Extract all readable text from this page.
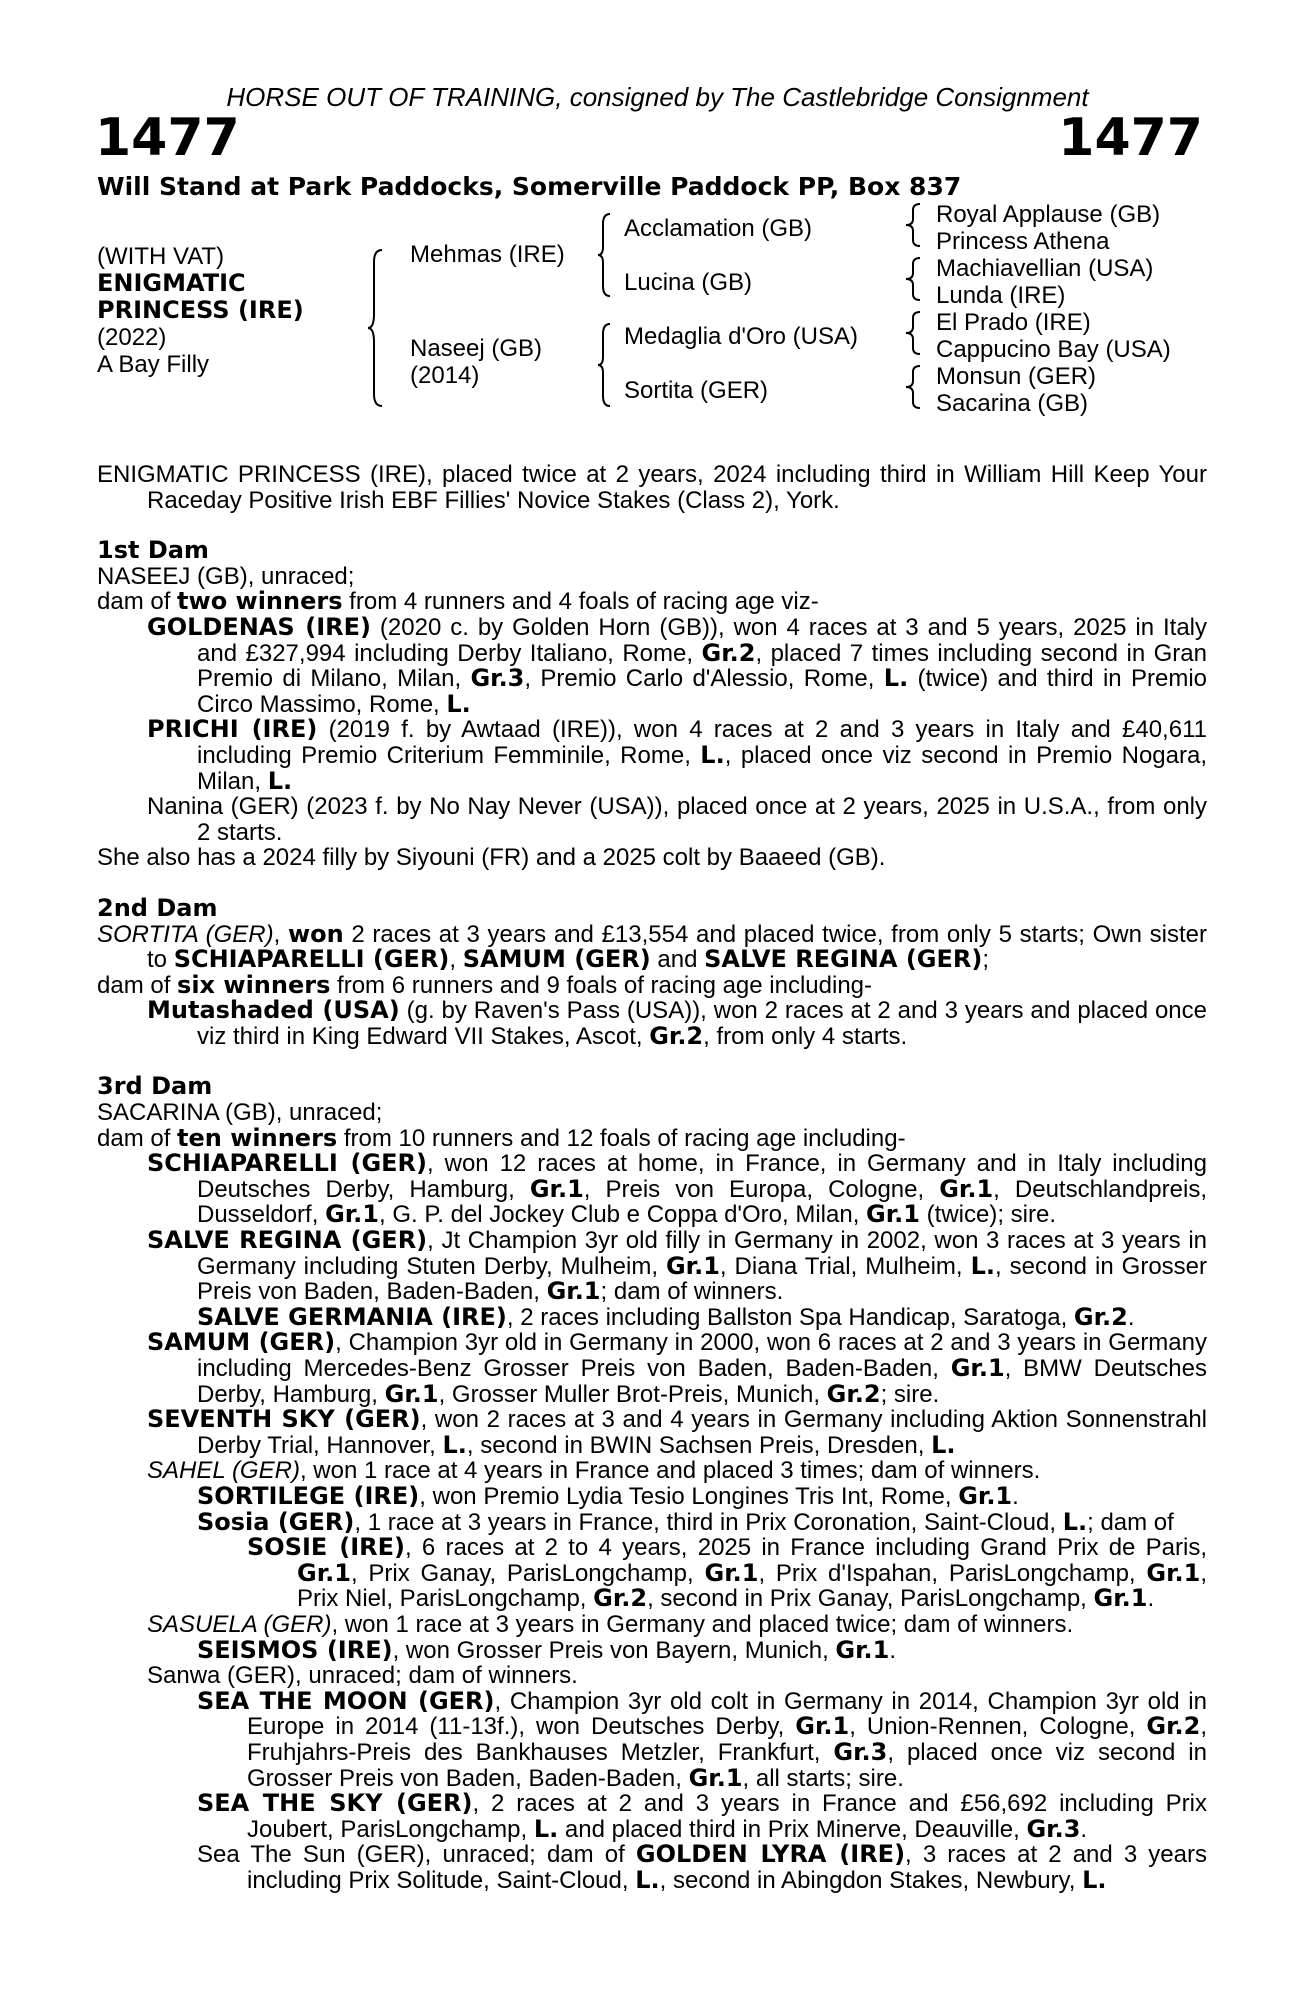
HORSE OUT OF TRAINING, consigned by The Castlebridge Consignment
1477	1477
Will Stand at Park Paddocks, Somerville Paddock PP, Box 837
(WITH VAT)
ENIGMATIC
PRINCESS (IRE)
(2022)
A Bay Filly
Mehmas (IRE)
Naseej (GB)
(2014)
Acclamation (GB)
Lucina (GB)
Medaglia d'Oro (USA)
Sortita (GER)
Royal Applause (GB)
Princess Athena
Machiavellian (USA)
Lunda (IRE)
El Prado (IRE)
Cappucino Bay (USA)
Monsun (GER)
Sacarina (GB)
ENIGMATIC PRINCESS (IRE), placed twice at 2 years, 2024 including third in William Hill Keep Your Raceday Positive Irish EBF Fillies' Novice Stakes (Class 2), York.
1st Dam
NASEEJ (GB), unraced;
dam of two winners from 4 runners and 4 foals of racing age viz-
GOLDENAS (IRE) (2020 c. by Golden Horn (GB)), won 4 races at 3 and 5 years, 2025 in Italy and £327,994 including Derby Italiano, Rome, Gr.2, placed 7 times including second in Gran Premio di Milano, Milan, Gr.3, Premio Carlo d'Alessio, Rome, L. (twice) and third in Premio Circo Massimo, Rome, L.
PRICHI (IRE) (2019 f. by Awtaad (IRE)), won 4 races at 2 and 3 years in Italy and £40,611 including Premio Criterium Femminile, Rome, L., placed once viz second in Premio Nogara, Milan, L.
Nanina (GER) (2023 f. by No Nay Never (USA)), placed once at 2 years, 2025 in U.S.A., from only 2 starts.
She also has a 2024 filly by Siyouni (FR) and a 2025 colt by Baaeed (GB).
2nd Dam
SORTITA (GER), won 2 races at 3 years and £13,554 and placed twice, from only 5 starts; Own sister to SCHIAPARELLI (GER), SAMUM (GER) and SALVE REGINA (GER);
dam of six winners from 6 runners and 9 foals of racing age including-
Mutashaded (USA) (g. by Raven's Pass (USA)), won 2 races at 2 and 3 years and placed once viz third in King Edward VII Stakes, Ascot, Gr.2, from only 4 starts.
3rd Dam
SACARINA (GB), unraced;
dam of ten winners from 10 runners and 12 foals of racing age including-
SCHIAPARELLI (GER), won 12 races at home, in France, in Germany and in Italy including Deutsches Derby, Hamburg, Gr.1, Preis von Europa, Cologne, Gr.1, Deutschlandpreis, Dusseldorf, Gr.1, G. P. del Jockey Club e Coppa d'Oro, Milan, Gr.1 (twice); sire.
SALVE REGINA (GER), Jt Champion 3yr old filly in Germany in 2002, won 3 races at 3 years in Germany including Stuten Derby, Mulheim, Gr.1, Diana Trial, Mulheim, L., second in Grosser Preis von Baden, Baden-Baden, Gr.1; dam of winners.
SALVE GERMANIA (IRE), 2 races including Ballston Spa Handicap, Saratoga, Gr.2.
SAMUM (GER), Champion 3yr old in Germany in 2000, won 6 races at 2 and 3 years in Germany including Mercedes-Benz Grosser Preis von Baden, Baden-Baden, Gr.1, BMW Deutsches Derby, Hamburg, Gr.1, Grosser Muller Brot-Preis, Munich, Gr.2; sire.
SEVENTH SKY (GER), won 2 races at 3 and 4 years in Germany including Aktion Sonnenstrahl Derby Trial, Hannover, L., second in BWIN Sachsen Preis, Dresden, L.
SAHEL (GER), won 1 race at 4 years in France and placed 3 times; dam of winners.
SORTILEGE (IRE), won Premio Lydia Tesio Longines Tris Int, Rome, Gr.1.
Sosia (GER), 1 race at 3 years in France, third in Prix Coronation, Saint-Cloud, L.; dam of
SOSIE (IRE), 6 races at 2 to 4 years, 2025 in France including Grand Prix de Paris, Gr.1, Prix Ganay, ParisLongchamp, Gr.1, Prix d'Ispahan, ParisLongchamp, Gr.1, Prix Niel, ParisLongchamp, Gr.2, second in Prix Ganay, ParisLongchamp, Gr.1.
SASUELA (GER), won 1 race at 3 years in Germany and placed twice; dam of winners.
SEISMOS (IRE), won Grosser Preis von Bayern, Munich, Gr.1.
Sanwa (GER), unraced; dam of winners.
SEA THE MOON (GER), Champion 3yr old colt in Germany in 2014, Champion 3yr old in Europe in 2014 (11-13f.), won Deutsches Derby, Gr.1, Union-Rennen, Cologne, Gr.2, Fruhjahrs-Preis des Bankhauses Metzler, Frankfurt, Gr.3, placed once viz second in Grosser Preis von Baden, Baden-Baden, Gr.1, all starts; sire.
SEA THE SKY (GER), 2 races at 2 and 3 years in France and £56,692 including Prix Joubert, ParisLongchamp, L. and placed third in Prix Minerve, Deauville, Gr.3.
Sea The Sun (GER), unraced; dam of GOLDEN LYRA (IRE), 3 races at 2 and 3 years including Prix Solitude, Saint-Cloud, L., second in Abingdon Stakes, Newbury, L.
